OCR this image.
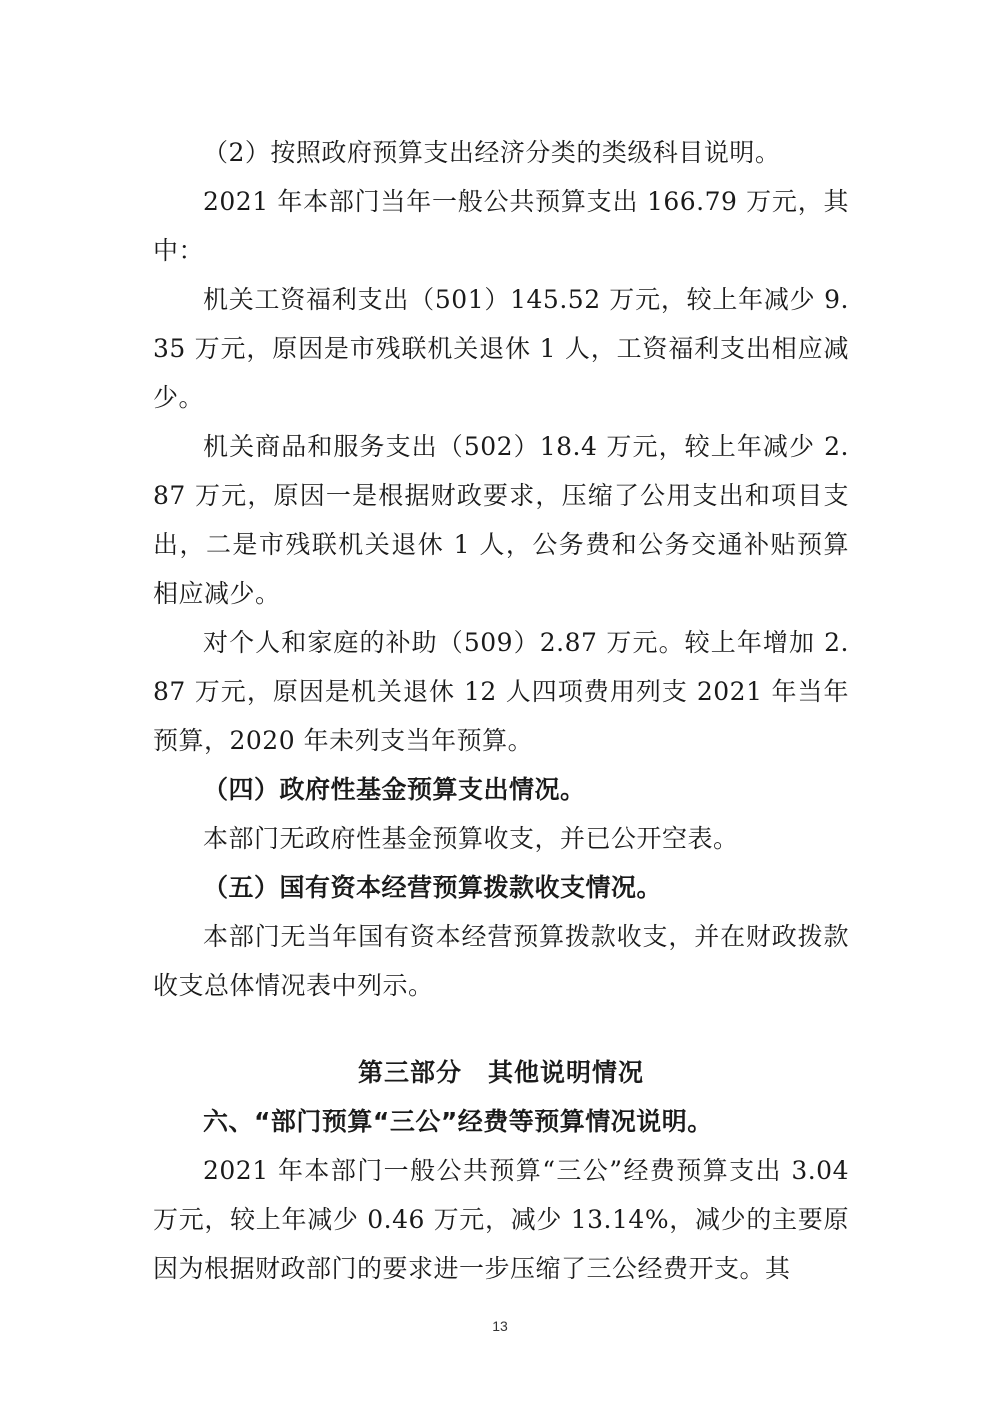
（2）按照政府预算支出经济分类的类级科目说明。

2021 年本部门当年一般公共预算支出 166.79 万元，其中：

机关工资福利支出（501）145.52 万元，较上年减少 9.35 万元，原因是市残联机关退休 1 人，工资福利支出相应减少。

机关商品和服务支出（502）18.4 万元，较上年减少 2.87 万元，原因一是根据财政要求，压缩了公用支出和项目支出，二是市残联机关退休 1 人，公务费和公务交通补贴预算相应减少。

对个人和家庭的补助（509）2.87 万元。较上年增加 2.87 万元，原因是机关退休 12 人四项费用列支 2021 年当年预算，2020 年未列支当年预算。

（四）政府性基金预算支出情况。

本部门无政府性基金预算收支，并已公开空表。

（五）国有资本经营预算拨款收支情况。

本部门无当年国有资本经营预算拨款收支，并在财政拨款收支总体情况表中列示。

第三部分　其他说明情况

六、“部门预算“三公”经费等预算情况说明。

2021 年本部门一般公共预算“三公”经费预算支出 3.04 万元，较上年减少 0.46 万元，减少 13.14%，减少的主要原因为根据财政部门的要求进一步压缩了三公经费开支。其

13
